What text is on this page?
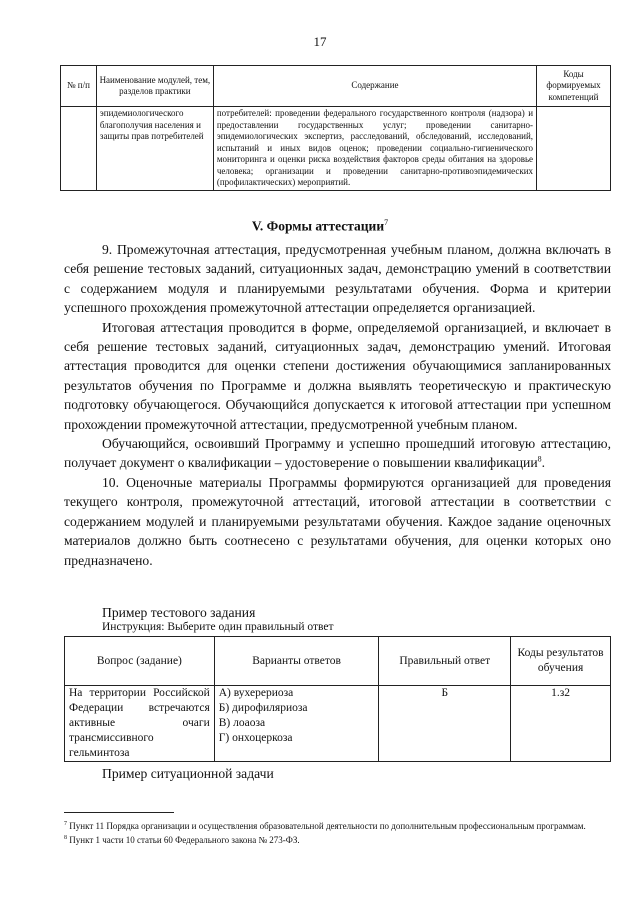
17
№ п/п	Наименование модулей, тем, разделов практики	Содержание	Коды формируемых компетенций
	эпидемиологического благополучия населения и защиты прав потребителей	потребителей: проведении федерального государственного контроля (надзора) и предоставлении государственных услуг; проведении санитарно-эпидемиологических экспертиз, расследований, обследований, исследований, испытаний и иных видов оценок; проведении социально-гигиенического мониторинга и оценки риска воздействия факторов среды обитания на здоровье человека; организации и проведении санитарно-противоэпидемических (профилактических) мероприятий.	
V. Формы аттестации$^7$

9. Промежуточная аттестация, предусмотренная учебным планом, должна включать в себя решение тестовых заданий, ситуационных задач, демонстрацию умений в соответствии с содержанием модуля и планируемыми результатами обучения. Форма и критерии успешного прохождения промежуточной аттестации определяется организацией.

Итоговая аттестация проводится в форме, определяемой организацией, и включает в себя решение тестовых заданий, ситуационных задач, демонстрацию умений. Итоговая аттестация проводится для оценки степени достижения обучающимися запланированных результатов обучения по Программе и должна выявлять теоретическую и практическую подготовку обучающегося. Обучающийся допускается к итоговой аттестации при успешном прохождении промежуточной аттестации, предусмотренной учебным планом.

Обучающийся, освоивший Программу и успешно прошедший итоговую аттестацию, получает документ о квалификации – удостоверение о повышении квалификации$^8$.

10. Оценочные материалы Программы формируются организацией для проведения текущего контроля, промежуточной аттестаций, итоговой аттестации в соответствии с содержанием модулей и планируемыми результатами обучения. Каждое задание оценочных материалов должно быть соотнесено с результатами обучения, для оценки которых оно предназначено.

Пример тестового задания
Инструкция: Выберите один правильный ответ
Вопрос (задание)	Варианты ответов	Правильный ответ	Коды результатов обучения
На территории Российской Федерации встречаются активные очаги трансмиссивного гельминтоза	А) вухерериоза
Б) дирофиляриоза
В) лоаоза
Г) онхоцеркоза	Б	1.з2
Пример ситуационной задачи

$^7$ Пункт 11 Порядка организации и осуществления образовательной деятельности по дополнительным профессиональным программам.

$^8$ Пункт 1 части 10 статьи 60 Федерального закона № 273-ФЗ.
